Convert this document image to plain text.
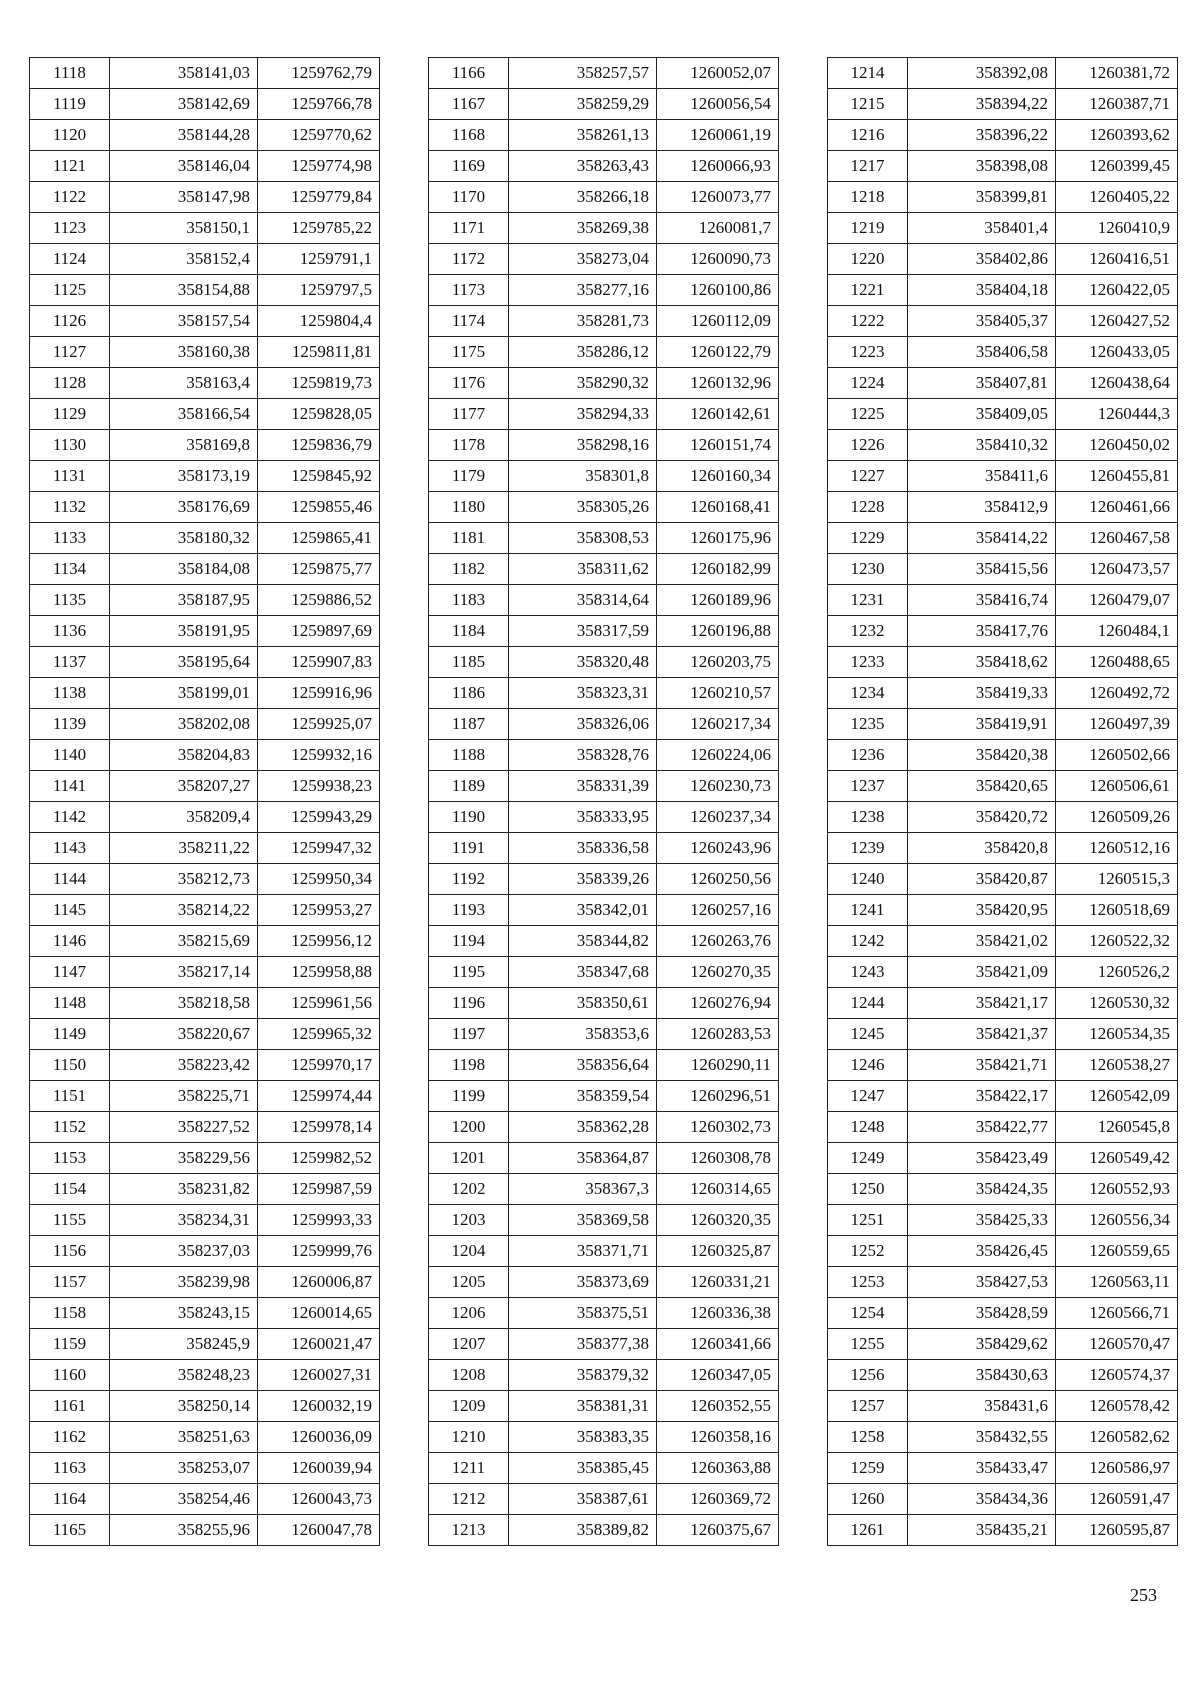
1118	358141,03	1259762,79
1119	358142,69	1259766,78
1120	358144,28	1259770,62
1121	358146,04	1259774,98
1122	358147,98	1259779,84
1123	358150,1	1259785,22
1124	358152,4	1259791,1
1125	358154,88	1259797,5
1126	358157,54	1259804,4
1127	358160,38	1259811,81
1128	358163,4	1259819,73
1129	358166,54	1259828,05
1130	358169,8	1259836,79
1131	358173,19	1259845,92
1132	358176,69	1259855,46
1133	358180,32	1259865,41
1134	358184,08	1259875,77
1135	358187,95	1259886,52
1136	358191,95	1259897,69
1137	358195,64	1259907,83
1138	358199,01	1259916,96
1139	358202,08	1259925,07
1140	358204,83	1259932,16
1141	358207,27	1259938,23
1142	358209,4	1259943,29
1143	358211,22	1259947,32
1144	358212,73	1259950,34
1145	358214,22	1259953,27
1146	358215,69	1259956,12
1147	358217,14	1259958,88
1148	358218,58	1259961,56
1149	358220,67	1259965,32
1150	358223,42	1259970,17
1151	358225,71	1259974,44
1152	358227,52	1259978,14
1153	358229,56	1259982,52
1154	358231,82	1259987,59
1155	358234,31	1259993,33
1156	358237,03	1259999,76
1157	358239,98	1260006,87
1158	358243,15	1260014,65
1159	358245,9	1260021,47
1160	358248,23	1260027,31
1161	358250,14	1260032,19
1162	358251,63	1260036,09
1163	358253,07	1260039,94
1164	358254,46	1260043,73
1165	358255,96	1260047,78
1166	358257,57	1260052,07
1167	358259,29	1260056,54
1168	358261,13	1260061,19
1169	358263,43	1260066,93
1170	358266,18	1260073,77
1171	358269,38	1260081,7
1172	358273,04	1260090,73
1173	358277,16	1260100,86
1174	358281,73	1260112,09
1175	358286,12	1260122,79
1176	358290,32	1260132,96
1177	358294,33	1260142,61
1178	358298,16	1260151,74
1179	358301,8	1260160,34
1180	358305,26	1260168,41
1181	358308,53	1260175,96
1182	358311,62	1260182,99
1183	358314,64	1260189,96
1184	358317,59	1260196,88
1185	358320,48	1260203,75
1186	358323,31	1260210,57
1187	358326,06	1260217,34
1188	358328,76	1260224,06
1189	358331,39	1260230,73
1190	358333,95	1260237,34
1191	358336,58	1260243,96
1192	358339,26	1260250,56
1193	358342,01	1260257,16
1194	358344,82	1260263,76
1195	358347,68	1260270,35
1196	358350,61	1260276,94
1197	358353,6	1260283,53
1198	358356,64	1260290,11
1199	358359,54	1260296,51
1200	358362,28	1260302,73
1201	358364,87	1260308,78
1202	358367,3	1260314,65
1203	358369,58	1260320,35
1204	358371,71	1260325,87
1205	358373,69	1260331,21
1206	358375,51	1260336,38
1207	358377,38	1260341,66
1208	358379,32	1260347,05
1209	358381,31	1260352,55
1210	358383,35	1260358,16
1211	358385,45	1260363,88
1212	358387,61	1260369,72
1213	358389,82	1260375,67
1214	358392,08	1260381,72
1215	358394,22	1260387,71
1216	358396,22	1260393,62
1217	358398,08	1260399,45
1218	358399,81	1260405,22
1219	358401,4	1260410,9
1220	358402,86	1260416,51
1221	358404,18	1260422,05
1222	358405,37	1260427,52
1223	358406,58	1260433,05
1224	358407,81	1260438,64
1225	358409,05	1260444,3
1226	358410,32	1260450,02
1227	358411,6	1260455,81
1228	358412,9	1260461,66
1229	358414,22	1260467,58
1230	358415,56	1260473,57
1231	358416,74	1260479,07
1232	358417,76	1260484,1
1233	358418,62	1260488,65
1234	358419,33	1260492,72
1235	358419,91	1260497,39
1236	358420,38	1260502,66
1237	358420,65	1260506,61
1238	358420,72	1260509,26
1239	358420,8	1260512,16
1240	358420,87	1260515,3
1241	358420,95	1260518,69
1242	358421,02	1260522,32
1243	358421,09	1260526,2
1244	358421,17	1260530,32
1245	358421,37	1260534,35
1246	358421,71	1260538,27
1247	358422,17	1260542,09
1248	358422,77	1260545,8
1249	358423,49	1260549,42
1250	358424,35	1260552,93
1251	358425,33	1260556,34
1252	358426,45	1260559,65
1253	358427,53	1260563,11
1254	358428,59	1260566,71
1255	358429,62	1260570,47
1256	358430,63	1260574,37
1257	358431,6	1260578,42
1258	358432,55	1260582,62
1259	358433,47	1260586,97
1260	358434,36	1260591,47
1261	358435,21	1260595,87
253
